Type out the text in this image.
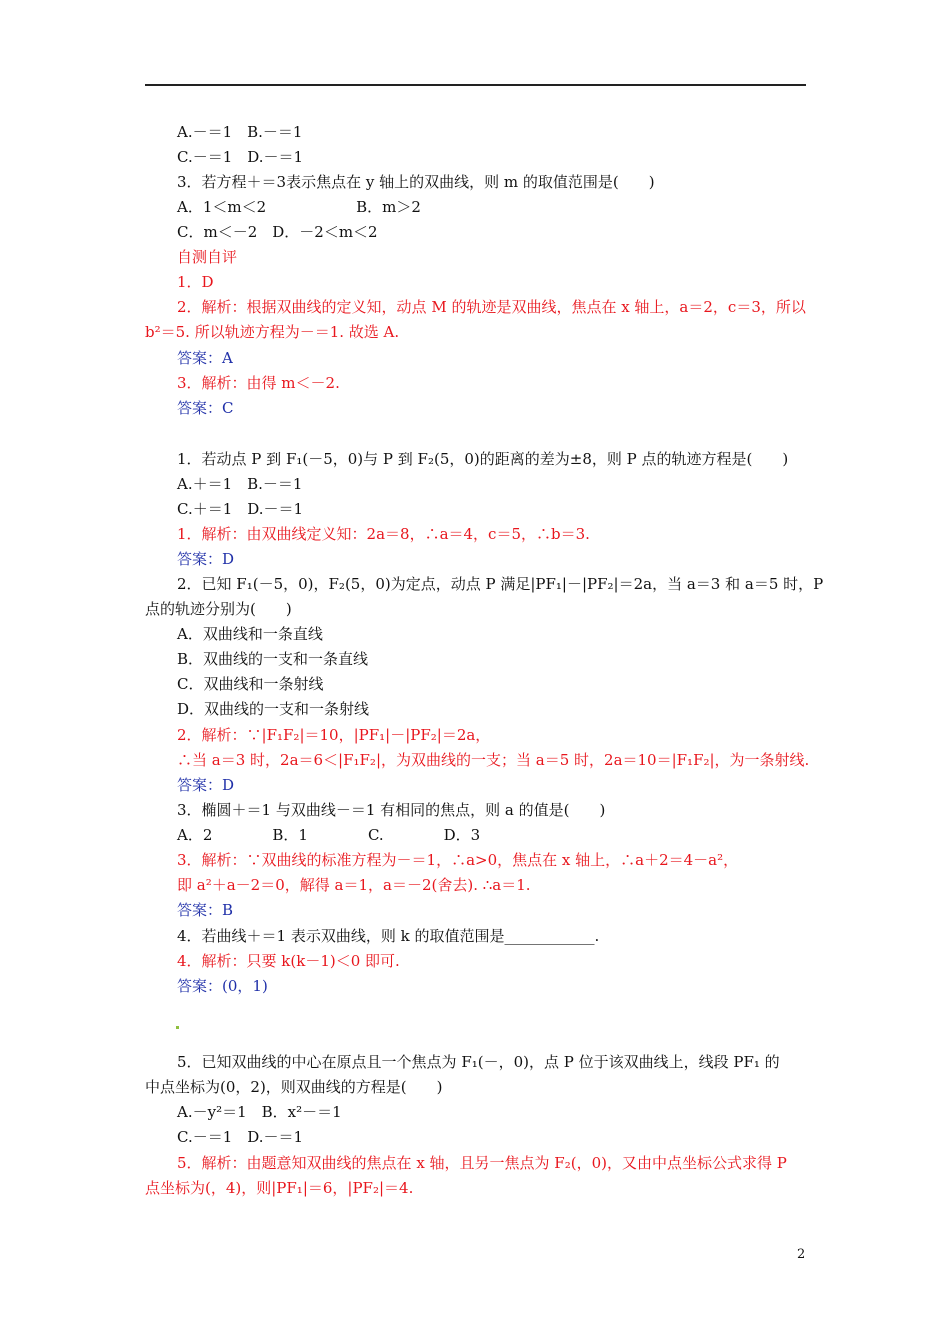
A.－＝1　B.－＝1
C.－＝1　D.－＝1
3．若方程＋＝3表示焦点在 y 轴上的双曲线，则 m 的取值范围是(　　)
A．1＜m＜2　　　　　　B．m＞2
C．m＜－2　D．－2＜m＜2
自测自评
1．D
2．解析：根据双曲线的定义知，动点 M 的轨迹是双曲线，焦点在 x 轴上，a＝2，c＝3，所以
b²＝5. 所以轨迹方程为－＝1. 故选 A.
答案：A
3．解析：由得 m＜－2.
答案：C
1．若动点 P 到 F₁(－5，0)与 P 到 F₂(5，0)的距离的差为±8，则 P 点的轨迹方程是(　　)
A.＋＝1　B.－＝1
C.＋＝1　D.－＝1
1．解析：由双曲线定义知：2a＝8，∴a＝4，c＝5，∴b＝3.
答案：D
2．已知 F₁(－5，0)，F₂(5，0)为定点，动点 P 满足|PF₁|－|PF₂|＝2a，当 a＝3 和 a＝5 时，P
点的轨迹分别为(　　)
A．双曲线和一条直线
B．双曲线的一支和一条直线
C．双曲线和一条射线
D．双曲线的一支和一条射线
2．解析：∵|F₁F₂|＝10，|PF₁|－|PF₂|＝2a，
∴当 a＝3 时，2a＝6＜|F₁F₂|，为双曲线的一支；当 a＝5 时，2a＝10＝|F₁F₂|，为一条射线.
答案：D
3．椭圆＋＝1 与双曲线－＝1 有相同的焦点，则 a 的值是(　　)
A．2　　　　B．1　　　　C.　　　　D．3
3．解析：∵双曲线的标准方程为－＝1，∴a>0，焦点在 x 轴上，∴a＋2＝4－a²，
即 a²＋a－2＝0，解得 a＝1，a＝－2(舍去). ∴a＝1.
答案：B
4．若曲线＋＝1 表示双曲线，则 k 的取值范围是____________.
4．解析：只要 k(k－1)＜0 即可.
答案：(0，1)
5．已知双曲线的中心在原点且一个焦点为 F₁(－，0)，点 P 位于该双曲线上，线段 PF₁ 的
中点坐标为(0，2)，则双曲线的方程是(　　)
A.－y²＝1　B．x²－＝1
C.－＝1　D.－＝1
5．解析：由题意知双曲线的焦点在 x 轴，且另一焦点为 F₂(，0)，又由中点坐标公式求得 P
点坐标为(，4)，则|PF₁|＝6，|PF₂|＝4.
2
